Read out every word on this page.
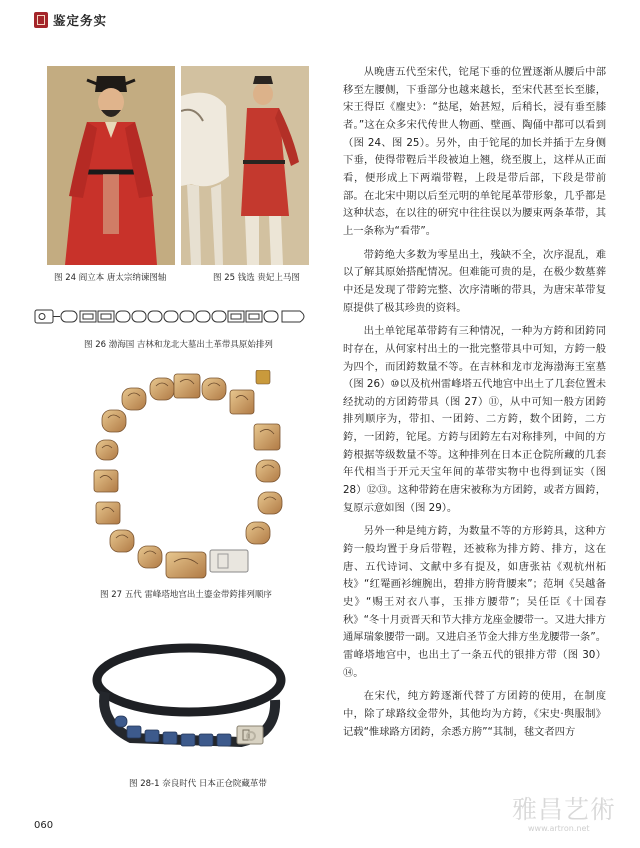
鉴定务实
图 24 阎立本 唐太宗纳谏图轴	图 25 钱选 贵妃上马图
图 26 渤海国 吉林和龙北大墓出土革带具原始排列
图 27 五代 雷峰塔地宫出土鎏金带銙排列顺序
图 28-1 奈良时代 日本正仓院藏革带

从晚唐五代至宋代，铊尾下垂的位置逐渐从腰后中部移至左腰侧，下垂部分也越来越长，至宋代甚至长至膝，宋王得臣《麈史》：“挞尾，始甚短，后稍长，浸有垂至膝者。”这在众多宋代传世人物画、壁画、陶俑中都可以看到（图 24、图 25）。另外，由于铊尾的加长并插于左身侧下垂，使得带鞓后半段被迫上翘，绕至腹上，这样从正面看，便形成上下两端带鞓，上段是带后部，下段是带前部。在北宋中期以后至元明的单铊尾革带形象，几乎都是这种状态，在以往的研究中往往误以为腰束两条革带，其上一条称为“看带”。

带銙绝大多数为零星出土，残缺不全，次序混乱，难以了解其原始搭配情况。但难能可贵的是，在极少数墓葬中还是发现了带銙完整、次序清晰的带具，为唐宋革带复原提供了极其珍贵的资料。

出土单铊尾革带銙有三种情况，一种为方銙和团銙同时存在，从何家村出土的一批完整带具中可知，方銙一般为四个，而团銙数量不等。在吉林和龙市龙海渤海王室墓（图 26）⑩以及杭州雷峰塔五代地宫中出土了几套位置未经扰动的方团銙带具（图 27）⑪，从中可知一般方团銙排列顺序为，带扣、一团銙、二方銙，数个团銙，二方銙，一团銙，铊尾。方銙与团銙左右对称排列，中间的方銙根据等级数量不等。这种排列在日本正仓院所藏的几套年代相当于开元天宝年间的革带实物中也得到证实（图 28）⑫⑬。这种带銙在唐宋被称为方团銙，或者方圆銙，复原示意如图（图 29）。

另外一种是纯方銙，为数量不等的方形銙具，这种方銙一般均置于身后带鞓，还被称为排方銙、排方，这在唐、五代诗词、文献中多有提及，如唐张祜《观杭州柘枝》“红罨画衫缠腕出，碧排方胯背腰来”；范坰《吴越备史》“赐王对衣八事，玉排方腰带”；吴任臣《十国春秋》“冬十月贡晋天和节大排方龙座金腰带一。又进大排方通犀瑞象腰带一副。又进启圣节金大排方坐龙腰带一条”。雷峰塔地宫中，也出土了一条五代的银排方带（图 30）⑭。

在宋代，纯方銙逐渐代替了方团銙的使用，在制度中，除了球路纹金带外，其他均为方銙，《宋史·舆服制》记载“惟球路方团銙，余悉方胯”“其制，毬文者四方

060
雅昌艺術
www.artron.net
